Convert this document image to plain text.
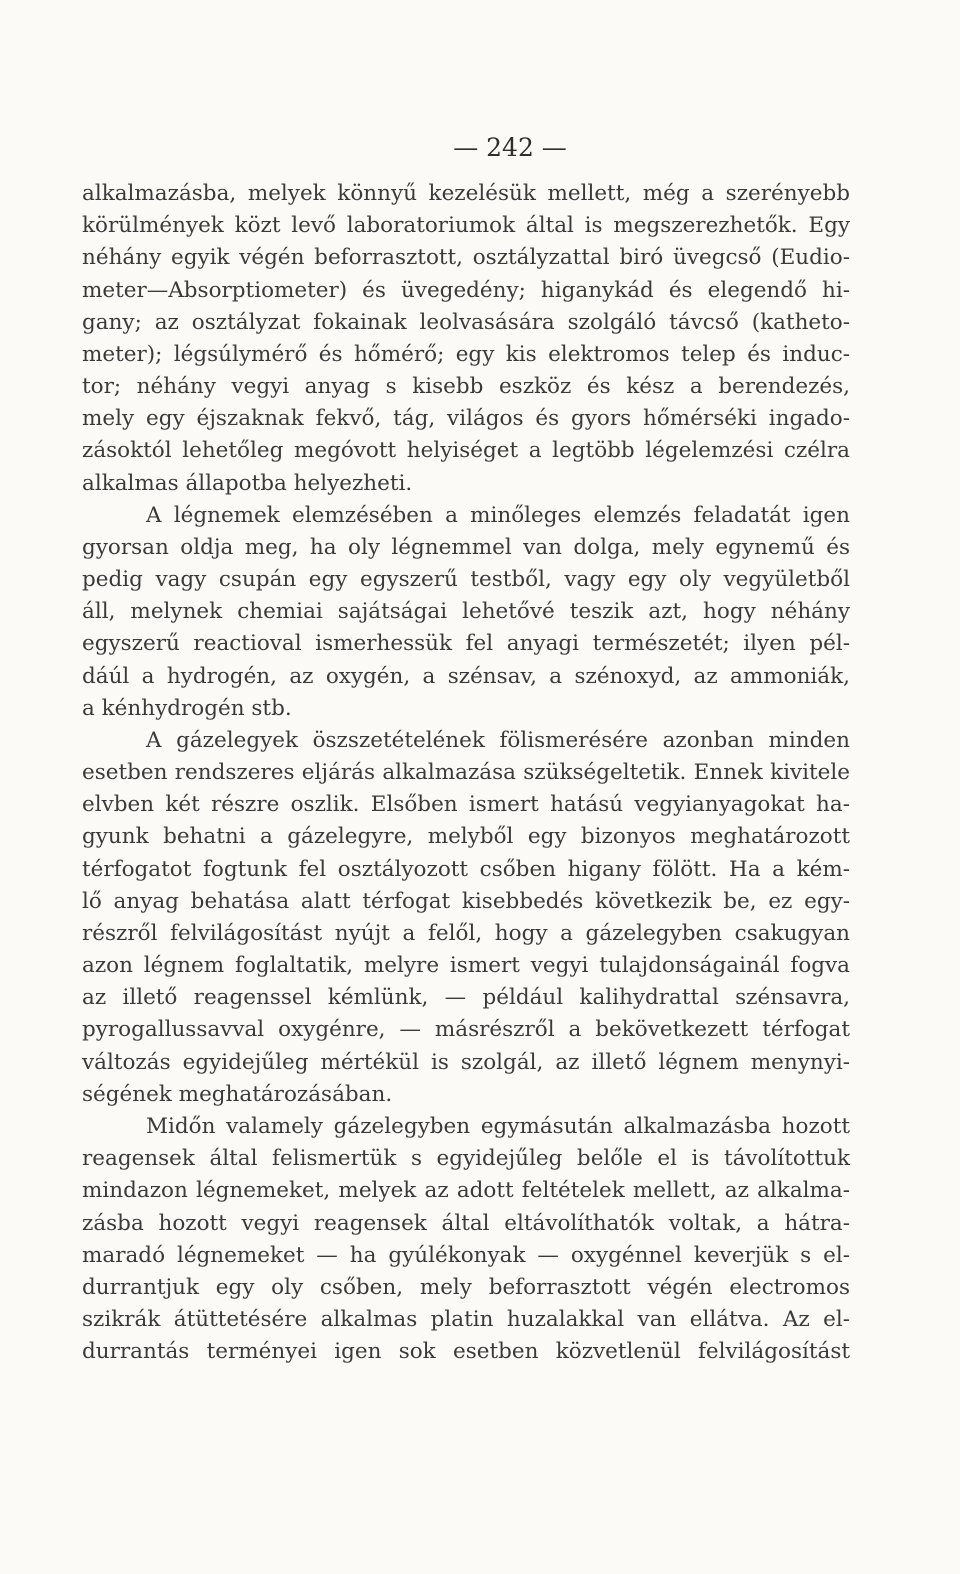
— 242 —
alkalmazásba, melyek könnyű kezelésük mellett, még a szerényebb
körülmények közt levő laboratoriumok által is megszerezhetők. Egy
néhány egyik végén beforrasztott, osztályzattal biró üvegcső (Eudio-
meter—Absorptiometer) és üvegedény; higanykád és elegendő hi-
gany; az osztályzat fokainak leolvasására szolgáló távcső (katheto-
meter); légsúlymérő és hőmérő; egy kis elektromos telep és induc-
tor; néhány vegyi anyag s kisebb eszköz és kész a berendezés,
mely egy éjszaknak fekvő, tág, világos és gyors hőmérséki ingado-
zásoktól lehetőleg megóvott helyiséget a legtöbb légelemzési czélra
alkalmas állapotba helyezheti.
A légnemek elemzésében a minőleges elemzés feladatát igen
gyorsan oldja meg, ha oly légnemmel van dolga, mely egynemű és
pedig vagy csupán egy egyszerű testből, vagy egy oly vegyületből
áll, melynek chemiai sajátságai lehetővé teszik azt, hogy néhány
egyszerű reactioval ismerhessük fel anyagi természetét; ilyen pél-
dáúl a hydrogén, az oxygén, a szénsav, a szénoxyd, az ammoniák,
a kénhydrogén stb.
A gázelegyek öszszetételének fölismerésére azonban minden
esetben rendszeres eljárás alkalmazása szükségeltetik. Ennek kivitele
elvben két részre oszlik. Elsőben ismert hatású vegyianyagokat ha-
gyunk behatni a gázelegyre, melyből egy bizonyos meghatározott
térfogatot fogtunk fel osztályozott csőben higany fölött. Ha a kém-
lő anyag behatása alatt térfogat kisebbedés következik be, ez egy-
részről felvilágosítást nyújt a felől, hogy a gázelegyben csakugyan
azon légnem foglaltatik, melyre ismert vegyi tulajdonságainál fogva
az illető reagenssel kémlünk, — például kalihydrattal szénsavra,
pyrogallussavval oxygénre, — másrészről a bekövetkezett térfogat
változás egyidejűleg mértékül is szolgál, az illető légnem menynyi-
ségének meghatározásában.
Midőn valamely gázelegyben egymásután alkalmazásba hozott
reagensek által felismertük s egyidejűleg belőle el is távolítottuk
mindazon légnemeket, melyek az adott feltételek mellett, az alkalma-
zásba hozott vegyi reagensek által eltávolíthatók voltak, a hátra-
maradó légnemeket — ha gyúlékonyak — oxygénnel keverjük s el-
durrantjuk egy oly csőben, mely beforrasztott végén electromos
szikrák átüttetésére alkalmas platin huzalakkal van ellátva. Az el-
durrantás terményei igen sok esetben közvetlenül felvilágosítást
